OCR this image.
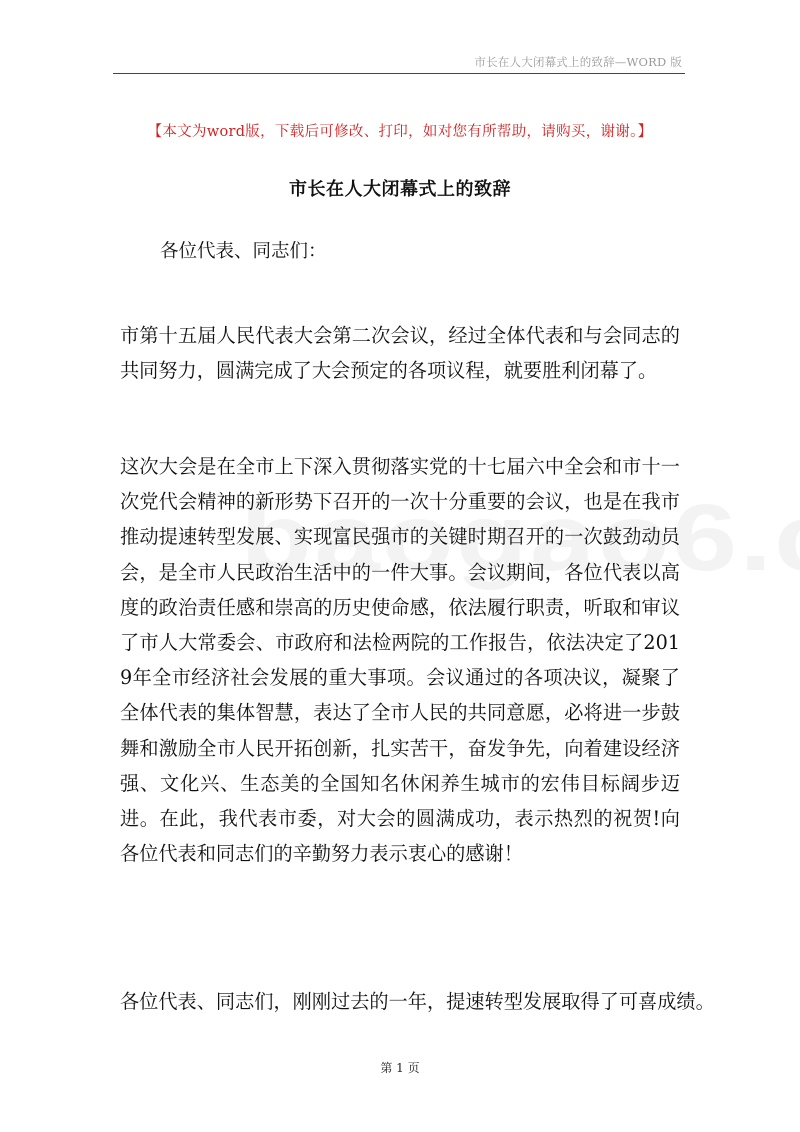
市长在人大闭幕式上的致辞—WORD 版
【本文为word版，下载后可修改、打印，如对您有所帮助，请购买，谢谢。】
市长在人大闭幕式上的致辞
各位代表、同志们：

市第十五届人民代表大会第二次会议，经过全体代表和与会同志的共同努力，圆满完成了大会预定的各项议程，就要胜利闭幕了。

这次大会是在全市上下深入贯彻落实党的十七届六中全会和市十一次党代会精神的新形势下召开的一次十分重要的会议，也是在我市推动提速转型发展、实现富民强市的关键时期召开的一次鼓劲动员会，是全市人民政治生活中的一件大事。会议期间，各位代表以高度的政治责任感和崇高的历史使命感，依法履行职责，听取和审议了市人大常委会、市政府和法检两院的工作报告，依法决定了2019年全市经济社会发展的重大事项。会议通过的各项决议，凝聚了全体代表的集体智慧，表达了全市人民的共同意愿，必将进一步鼓舞和激励全市人民开拓创新，扎实苦干，奋发争先，向着建设经济强、文化兴、生态美的全国知名休闲养生城市的宏伟目标阔步迈进。在此，我代表市委，对大会的圆满成功，表示热烈的祝贺!向各位代表和同志们的辛勤努力表示衷心的感谢！

各位代表、同志们，刚刚过去的一年，提速转型发展取得了可喜成绩。

第 1 页
